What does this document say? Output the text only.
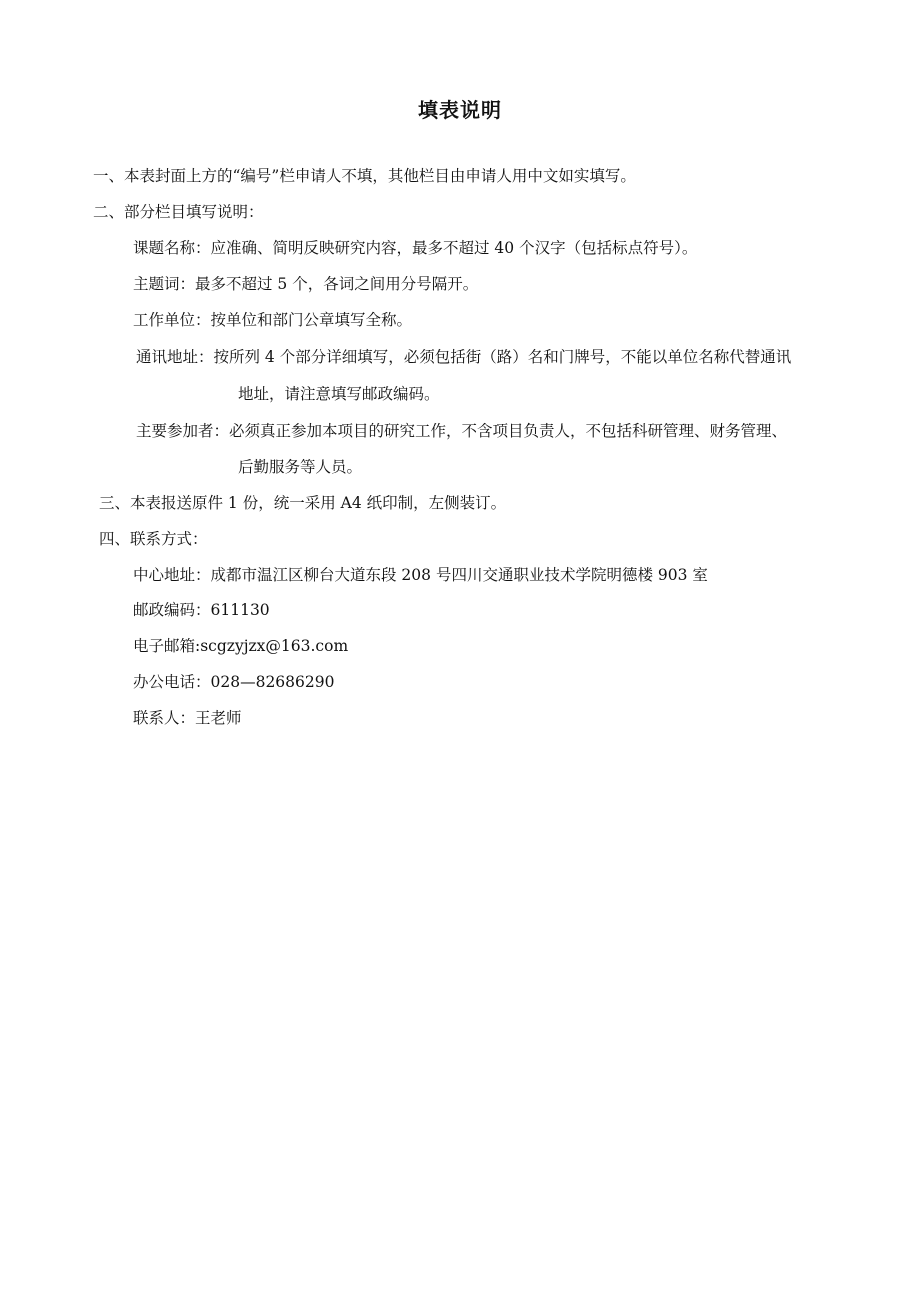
填表说明
一、本表封面上方的“编号”栏申请人不填，其他栏目由申请人用中文如实填写。
二、部分栏目填写说明：
课题名称：应准确、简明反映研究内容，最多不超过 40 个汉字（包括标点符号）。
主题词：最多不超过 5 个，各词之间用分号隔开。
工作单位：按单位和部门公章填写全称。
通讯地址：按所列 4 个部分详细填写，必须包括街（路）名和门牌号，不能以单位名称代替通讯
地址，请注意填写邮政编码。
主要参加者：必须真正参加本项目的研究工作，不含项目负责人，不包括科研管理、财务管理、
后勤服务等人员。
三、本表报送原件 1 份，统一采用 A4 纸印制，左侧装订。
四、联系方式：
中心地址：成都市温江区柳台大道东段 208 号四川交通职业技术学院明德楼 903 室
邮政编码：611130
电子邮箱:scgzyjzx@163.com
办公电话：028—82686290
联系人：王老师
